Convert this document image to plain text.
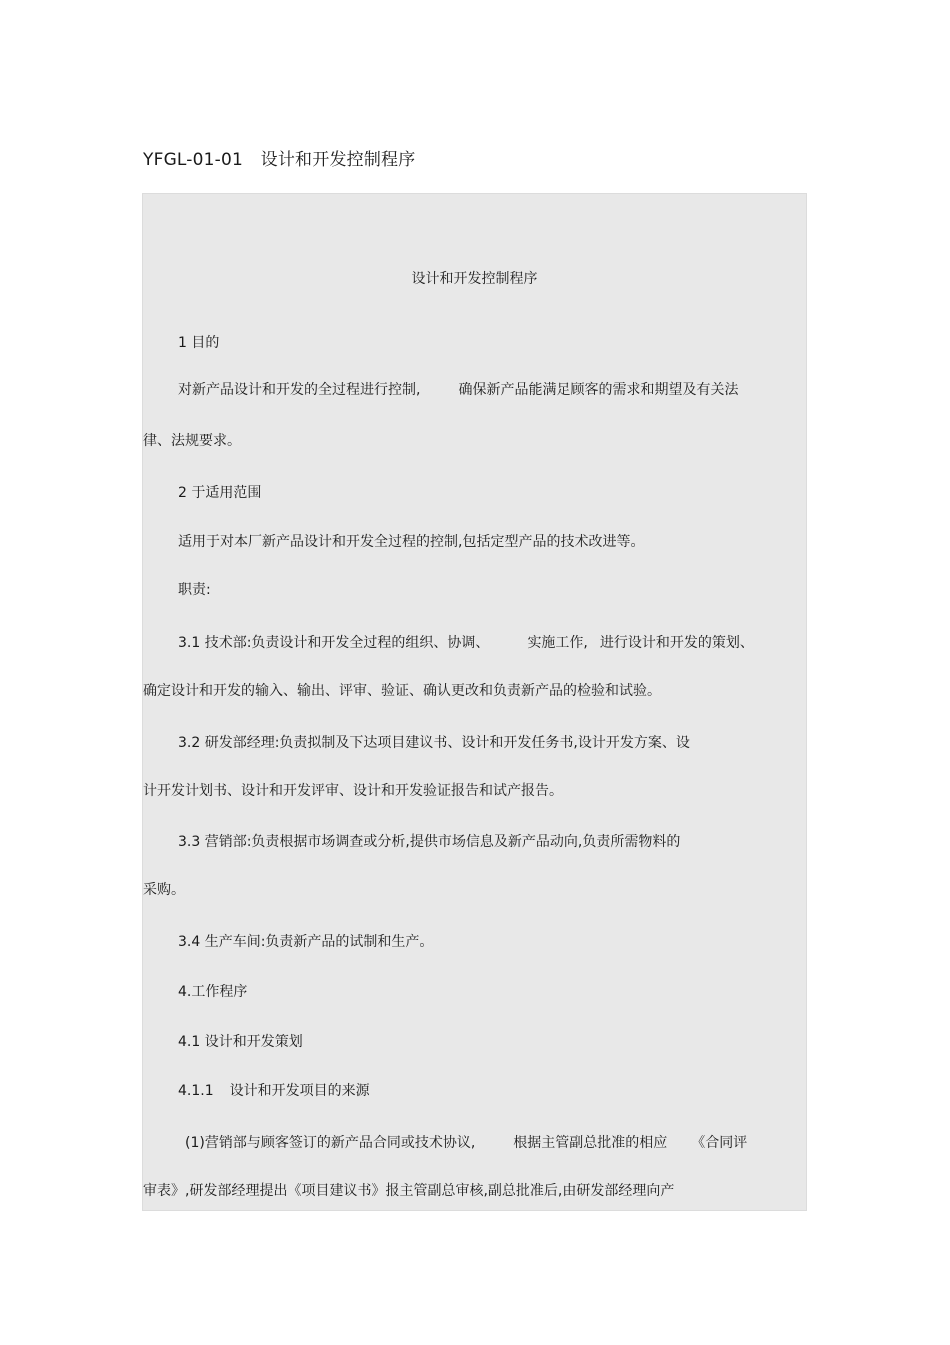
YFGL-01-01 设计和开发控制程序
设计和开发控制程序
1 目的
对新产品设计和开发的全过程进行控制,	确保新产品能满足顾客的需求和期望及有关法
律、法规要求。
2 于适用范围
适用于对本厂新产品设计和开发全过程的控制,包括定型产品的技术改进等。
职责:
3.1 技术部:负责设计和开发全过程的组织、协调、	实施工作, 进行设计和开发的策划、
确定设计和开发的输入、输出、评审、验证、确认更改和负责新产品的检验和试验。
3.2 研发部经理:负责拟制及下达项目建议书、设计和开发任务书,设计开发方案、设
计开发计划书、设计和开发评审、设计和开发验证报告和试产报告。
3.3 营销部:负责根据市场调查或分析,提供市场信息及新产品动向,负责所需物料的
采购。
3.4 生产车间:负责新产品的试制和生产。
4.工作程序
4.1 设计和开发策划
4.1.1 设计和开发项目的来源
(1)营销部与顾客签订的新产品合同或技术协议,	根据主管副总批准的相应 《合同评
审表》,研发部经理提出《项目建议书》报主管副总审核,副总批准后,由研发部经理向产
